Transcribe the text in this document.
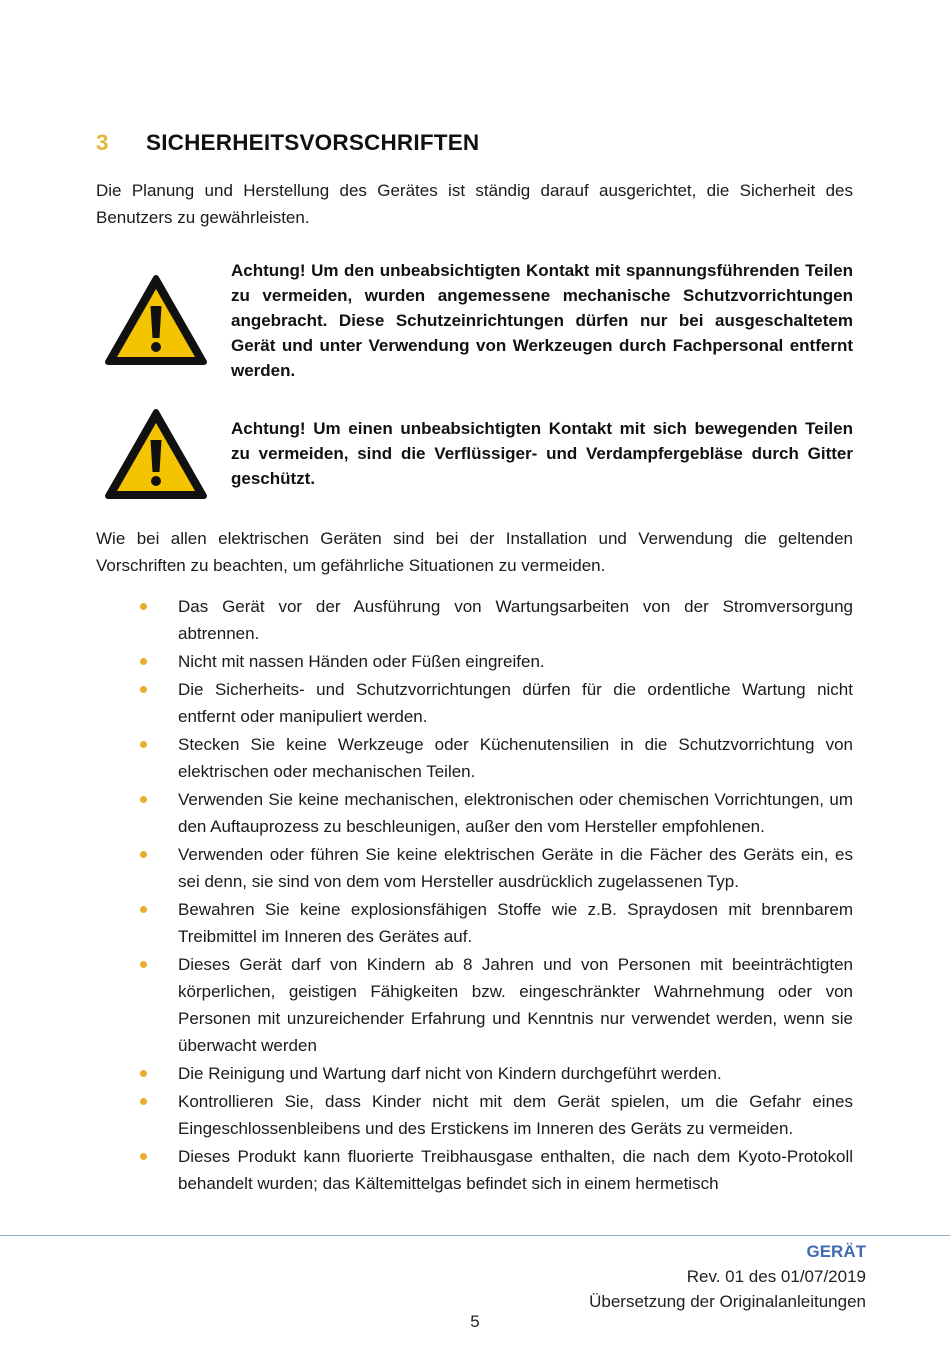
3	SICHERHEITSVORSCHRIFTEN
Die Planung und Herstellung des Gerätes ist ständig darauf ausgerichtet, die Sicherheit des Benutzers zu gewährleisten.
Achtung! Um den unbeabsichtigten Kontakt mit spannungsführenden Teilen zu vermeiden, wurden angemessene mechanische Schutzvorrichtungen angebracht. Diese Schutzeinrichtungen dürfen nur bei ausgeschaltetem Gerät und unter Verwendung von Werkzeugen durch Fachpersonal entfernt werden.
Achtung! Um einen unbeabsichtigten Kontakt mit sich bewegenden Teilen zu vermeiden, sind die Verflüssiger- und Verdampfergebläse durch Gitter geschützt.
Wie bei allen elektrischen Geräten sind bei der Installation und Verwendung die geltenden Vorschriften zu beachten, um gefährliche Situationen zu vermeiden.
Das Gerät vor der Ausführung von Wartungsarbeiten von der Stromversorgung abtrennen.
Nicht mit nassen Händen oder Füßen eingreifen.
Die Sicherheits- und Schutzvorrichtungen dürfen für die ordentliche Wartung nicht entfernt oder manipuliert werden.
Stecken Sie keine Werkzeuge oder Küchenutensilien in die Schutzvorrichtung von elektrischen oder mechanischen Teilen.
Verwenden Sie keine mechanischen, elektronischen oder chemischen Vorrichtungen, um den Auftauprozess zu beschleunigen, außer den vom Hersteller empfohlenen.
Verwenden oder führen Sie keine elektrischen Geräte in die Fächer des Geräts ein, es sei denn, sie sind von dem vom Hersteller ausdrücklich zugelassenen Typ.
Bewahren Sie keine explosionsfähigen Stoffe wie z.B. Spraydosen mit brennbarem Treibmittel im Inneren des Gerätes auf.
Dieses Gerät darf von Kindern ab 8 Jahren und von Personen mit beeinträchtigten körperlichen, geistigen Fähigkeiten bzw. eingeschränkter Wahrnehmung oder von Personen mit unzureichender Erfahrung und Kenntnis nur verwendet werden, wenn sie überwacht werden
Die Reinigung und Wartung darf nicht von Kindern durchgeführt werden.
Kontrollieren Sie, dass Kinder nicht mit dem Gerät spielen, um die Gefahr eines Eingeschlossenbleibens und des Erstickens im Inneren des Geräts zu vermeiden.
Dieses Produkt kann fluorierte Treibhausgase enthalten, die nach dem Kyoto-Protokoll behandelt wurden; das Kältemittelgas befindet sich in einem hermetisch
GERÄT
Rev. 01 des 01/07/2019
Übersetzung der Originalanleitungen
5
